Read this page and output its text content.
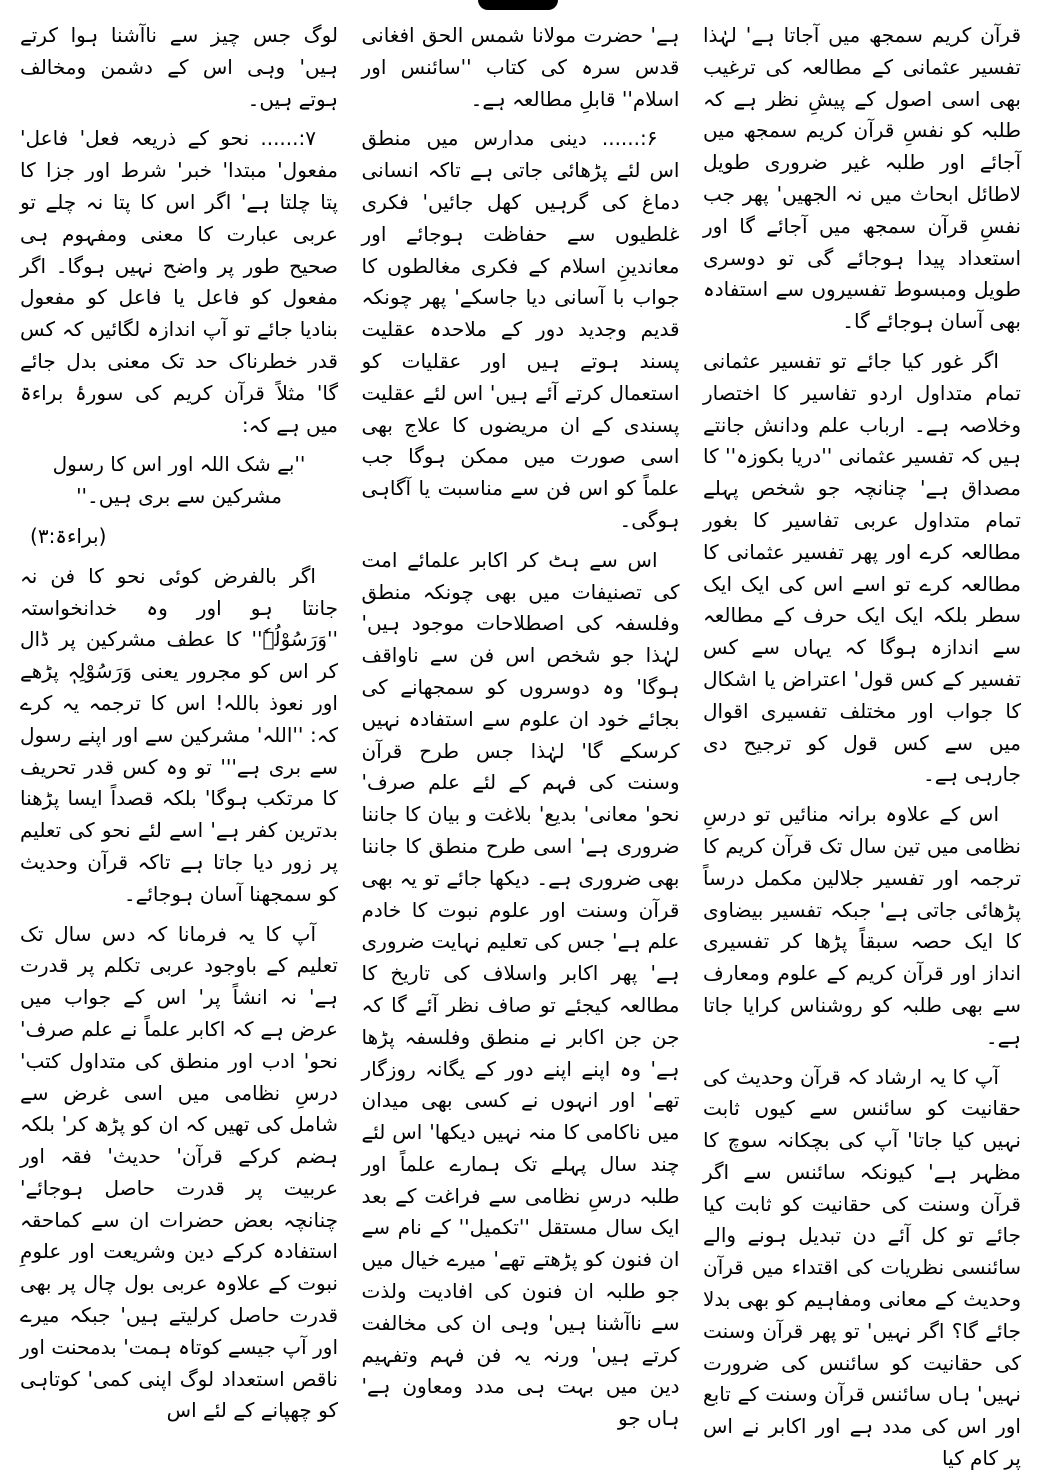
قرآن کریم سمجھ میں آجاتا ہے' لہٰذا تفسیر عثمانی کے مطالعہ کی ترغیب بھی اسی اصول کے پیشِ نظر ہے کہ طلبہ کو نفسِ قرآن کریم سمجھ میں آجائے اور طلبہ غیر ضروری طویل لاطائل ابحاث میں نہ الجھیں' پھر جب نفسِ قرآن سمجھ میں آجائے گا اور استعداد پیدا ہوجائے گی تو دوسری طویل ومبسوط تفسیروں سے استفادہ بھی آسان ہوجائے گا۔

اگر غور کیا جائے تو تفسیر عثمانی تمام متداول اردو تفاسیر کا اختصار وخلاصہ ہے۔ ارباب علم ودانش جانتے ہیں کہ تفسیر عثمانی ''دریا بکوزہ'' کا مصداق ہے' چنانچہ جو شخص پہلے تمام متداول عربی تفاسیر کا بغور مطالعہ کرے اور پھر تفسیر عثمانی کا مطالعہ کرے تو اسے اس کی ایک ایک سطر بلکہ ایک ایک حرف کے مطالعہ سے اندازہ ہوگا کہ یہاں سے کس تفسیر کے کس قول' اعتراض یا اشکال کا جواب اور مختلف تفسیری اقوال میں سے کس قول کو ترجیح دی جارہی ہے۔

اس کے علاوہ برانہ منائیں تو درسِ نظامی میں تین سال تک قرآن کریم کا ترجمہ اور تفسیر جلالین مکمل درساً پڑھائی جاتی ہے' جبکہ تفسیر بیضاوی کا ایک حصہ سبقاً پڑھا کر تفسیری انداز اور قرآن کریم کے علوم ومعارف سے بھی طلبہ کو روشناس کرایا جاتا ہے۔

آپ کا یہ ارشاد کہ قرآن وحدیث کی حقانیت کو سائنس سے کیوں ثابت نہیں کیا جاتا' آپ کی بچکانہ سوچ کا مظہر ہے' کیونکہ سائنس سے اگر قرآن وسنت کی حقانیت کو ثابت کیا جائے تو کل آئے دن تبدیل ہونے والے سائنسی نظریات کی اقتداء میں قرآن وحدیث کے معانی ومفاہیم کو بھی بدلا جائے گا؟ اگر نہیں' تو پھر قرآن وسنت کی حقانیت کو سائنس کی ضرورت نہیں' ہاں سائنس قرآن وسنت کے تابع اور اس کی مدد ہے اور اکابر نے اس پر کام کیا

ہے' حضرت مولانا شمس الحق افغانی قدس سرہ کی کتاب ''سائنس اور اسلام'' قابلِ مطالعہ ہے۔

۶:...... دینی مدارس میں منطق اس لئے پڑھائی جاتی ہے تاکہ انسانی دماغ کی گرہیں کھل جائیں' فکری غلطیوں سے حفاظت ہوجائے اور معاندینِ اسلام کے فکری مغالطوں کا جواب با آسانی دیا جاسکے' پھر چونکہ قدیم وجدید دور کے ملاحدہ عقلیت پسند ہوتے ہیں اور عقلیات کو استعمال کرتے آئے ہیں' اس لئے عقلیت پسندی کے ان مریضوں کا علاج بھی اسی صورت میں ممکن ہوگا جب علماً کو اس فن سے مناسبت یا آگاہی ہوگی۔

اس سے ہٹ کر اکابر علمائے امت کی تصنیفات میں بھی چونکہ منطق وفلسفہ کی اصطلاحات موجود ہیں' لہٰذا جو شخص اس فن سے ناواقف ہوگا' وہ دوسروں کو سمجھانے کی بجائے خود ان علوم سے استفادہ نہیں کرسکے گا' لہٰذا جس طرح قرآن وسنت کی فہم کے لئے علم صرف' نحو' معانی' بدیع' بلاغت و بیان کا جاننا ضروری ہے' اسی طرح منطق کا جاننا بھی ضروری ہے۔ دیکھا جائے تو یہ بھی قرآن وسنت اور علوم نبوت کا خادم علم ہے' جس کی تعلیم نہایت ضروری ہے' پھر اکابر واسلاف کی تاریخ کا مطالعہ کیجئے تو صاف نظر آئے گا کہ جن جن اکابر نے منطق وفلسفہ پڑھا ہے' وہ اپنے اپنے دور کے یگانہ روزگار تھے' اور انہوں نے کسی بھی میدان میں ناکامی کا منہ نہیں دیکھا' اس لئے چند سال پہلے تک ہمارے علماً اور طلبہ درسِ نظامی سے فراغت کے بعد ایک سال مستقل ''تکمیل'' کے نام سے ان فنون کو پڑھتے تھے' میرے خیال میں جو طلبہ ان فنون کی افادیت ولذت سے ناآشنا ہیں' وہی ان کی مخالفت کرتے ہیں' ورنہ یہ فن فہم وتفہیم دین میں بہت ہی مدد ومعاون ہے' ہاں جو

لوگ جس چیز سے ناآشنا ہوا کرتے ہیں' وہی اس کے دشمن ومخالف ہوتے ہیں۔

۷:...... نحو کے ذریعہ فعل' فاعل' مفعول' مبتدا' خبر' شرط اور جزا کا پتا چلتا ہے' اگر اس کا پتا نہ چلے تو عربی عبارت کا معنی ومفہوم ہی صحیح طور پر واضح نہیں ہوگا۔ اگر مفعول کو فاعل یا فاعل کو مفعول بنادیا جائے تو آپ اندازہ لگائیں کہ کس قدر خطرناک حد تک معنی بدل جائے گا' مثلاً قرآن کریم کی سورۂ براءۃ میں ہے کہ:

''بے شک اللہ اور اس کا رسول مشرکین سے بری ہیں۔''

(براءۃ:۳)

اگر بالفرض کوئی نحو کا فن نہ جانتا ہو اور وہ خدانخواستہ ''وَرَسُوْلُہٗ'' کا عطف مشرکین پر ڈال کر اس کو مجرور یعنی وَرَسُوْلِہٖ پڑھے اور نعوذ باللہ! اس کا ترجمہ یہ کرے کہ: ''اللہ' مشرکین سے اور اپنے رسول سے بری ہے''' تو وہ کس قدر تحریف کا مرتکب ہوگا' بلکہ قصداً ایسا پڑھنا بدترین کفر ہے' اسے لئے نحو کی تعلیم پر زور دیا جاتا ہے تاکہ قرآن وحدیث کو سمجھنا آسان ہوجائے۔

آپ کا یہ فرمانا کہ دس سال تک تعلیم کے باوجود عربی تکلم پر قدرت ہے' نہ انشاً پر' اس کے جواب میں عرض ہے کہ اکابر علماً نے علم صرف' نحو' ادب اور منطق کی متداول کتب' درسِ نظامی میں اسی غرض سے شامل کی تھیں کہ ان کو پڑھ کر' بلکہ ہضم کرکے قرآن' حدیث' فقہ اور عربیت پر قدرت حاصل ہوجائے' چنانچہ بعض حضرات ان سے کماحقہ استفادہ کرکے دین وشریعت اور علومِ نبوت کے علاوہ عربی بول چال پر بھی قدرت حاصل کرلیتے ہیں' جبکہ میرے اور آپ جیسے کوتاہ ہمت' بدمحنت اور ناقص استعداد لوگ اپنی کمی' کوتاہی کو چھپانے کے لئے اس
